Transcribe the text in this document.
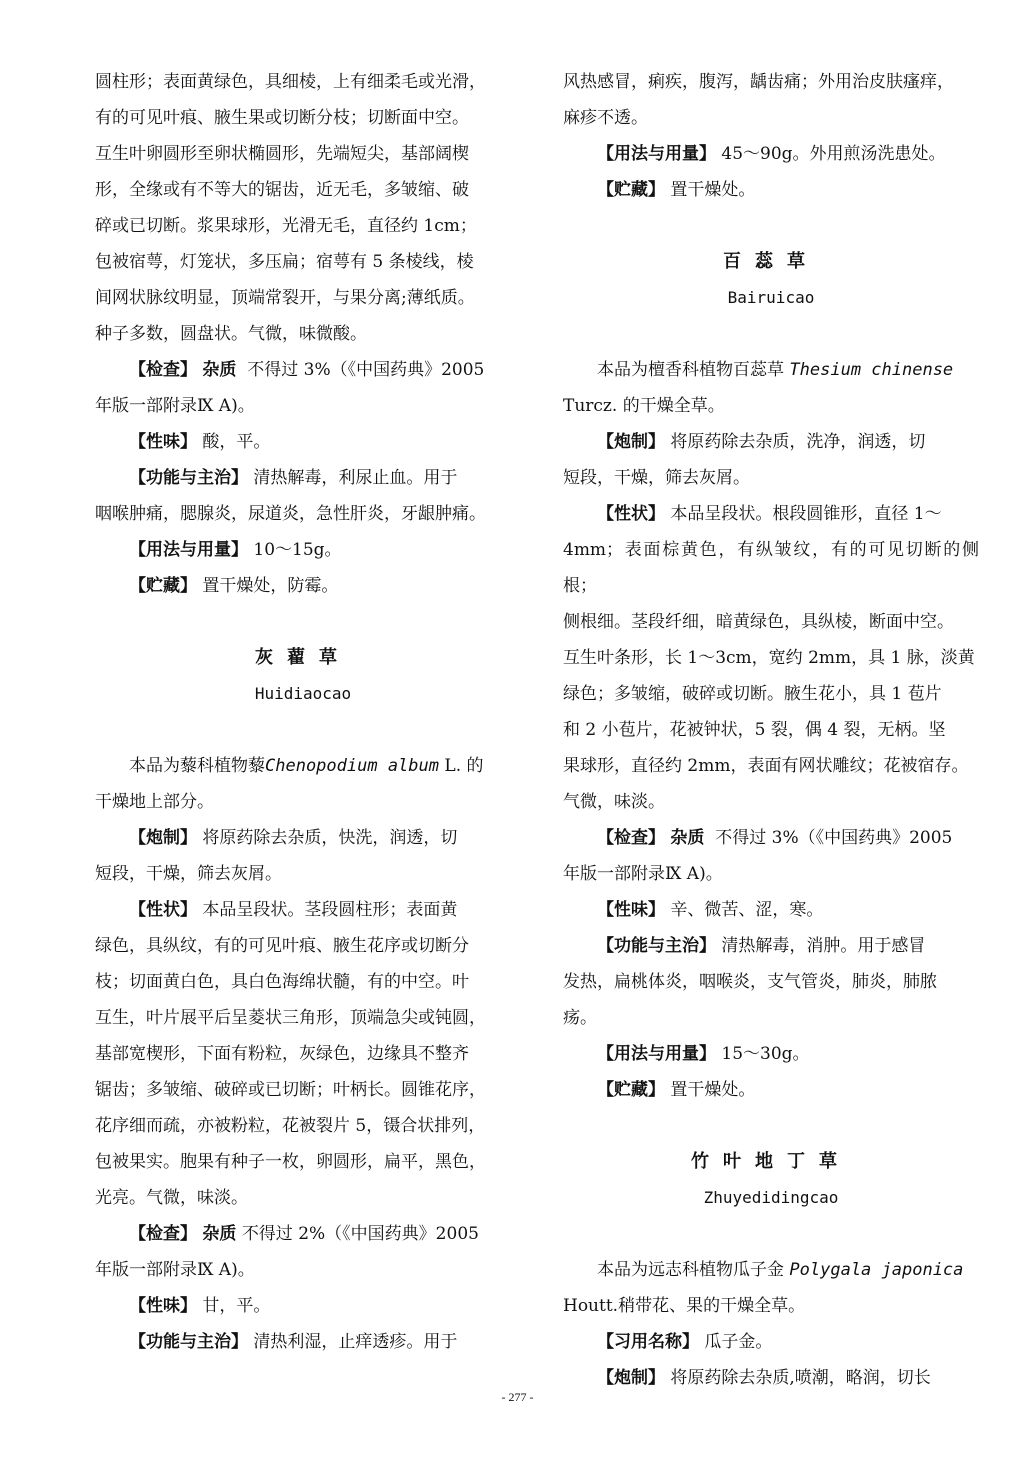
圆柱形；表面黄绿色，具细棱，上有细柔毛或光滑，

有的可见叶痕、腋生果或切断分枝；切断面中空。

互生叶卵圆形至卵状椭圆形，先端短尖，基部阔楔

形，全缘或有不等大的锯齿，近无毛，多皱缩、破

碎或已切断。浆果球形，光滑无毛，直径约 1cm；

包被宿萼，灯笼状，多压扁；宿萼有 5 条棱线，棱

间网状脉纹明显，顶端常裂开，与果分离;薄纸质。

种子多数，圆盘状。气微，味微酸。

【检查】 杂质 不得过 3%（《中国药典》2005

年版一部附录Ⅸ A)。

【性味】 酸，平。

【功能与主治】 清热解毒，利尿止血。用于

咽喉肿痛，腮腺炎，尿道炎，急性肝炎，牙龈肿痛。

【用法与用量】 10～15g。

【贮藏】 置干燥处，防霉。

灰藋草

Huidiaocao

本品为藜科植物藜Chenopodium album L. 的

干燥地上部分。

【炮制】 将原药除去杂质，快洗，润透，切

短段，干燥，筛去灰屑。

【性状】 本品呈段状。茎段圆柱形；表面黄

绿色，具纵纹，有的可见叶痕、腋生花序或切断分

枝；切面黄白色，具白色海绵状髓，有的中空。叶

互生，叶片展平后呈菱状三角形，顶端急尖或钝圆，

基部宽楔形，下面有粉粒，灰绿色，边缘具不整齐

锯齿；多皱缩、破碎或已切断；叶柄长。圆锥花序，

花序细而疏，亦被粉粒，花被裂片 5，镊合状排列，

包被果实。胞果有种子一枚，卵圆形，扁平，黑色，

光亮。气微，味淡。

【检查】 杂质 不得过 2%（《中国药典》2005

年版一部附录Ⅸ A)。

【性味】 甘，平。

【功能与主治】 清热利湿，止痒透疹。用于

风热感冒，痢疾，腹泻，龋齿痛；外用治皮肤瘙痒，

麻疹不透。

【用法与用量】 45～90g。外用煎汤洗患处。

【贮藏】 置干燥处。

百蕊草

Bairuicao

本品为檀香科植物百蕊草 Thesium chinense

Turcz. 的干燥全草。

【炮制】 将原药除去杂质，洗净，润透，切

短段，干燥，筛去灰屑。

【性状】 本品呈段状。根段圆锥形，直径 1～

4mm；表面棕黄色，有纵皱纹，有的可见切断的侧根；

侧根细。茎段纤细，暗黄绿色，具纵棱，断面中空。

互生叶条形，长 1～3cm，宽约 2mm，具 1 脉，淡黄

绿色；多皱缩，破碎或切断。腋生花小，具 1 苞片

和 2 小苞片，花被钟状，5 裂，偶 4 裂，无柄。坚

果球形，直径约 2mm，表面有网状雕纹；花被宿存。

气微，味淡。

【检查】 杂质 不得过 3%（《中国药典》2005

年版一部附录Ⅸ A)。

【性味】 辛、微苦、涩，寒。

【功能与主治】 清热解毒，消肿。用于感冒

发热，扁桃体炎，咽喉炎，支气管炎，肺炎，肺脓

疡。

【用法与用量】 15～30g。

【贮藏】 置干燥处。

竹叶地丁草

Zhuyedidingcao

本品为远志科植物瓜子金 Polygala japonica

Houtt.稍带花、果的干燥全草。

【习用名称】 瓜子金。

【炮制】 将原药除去杂质,喷潮，略润，切长

- 277 -
